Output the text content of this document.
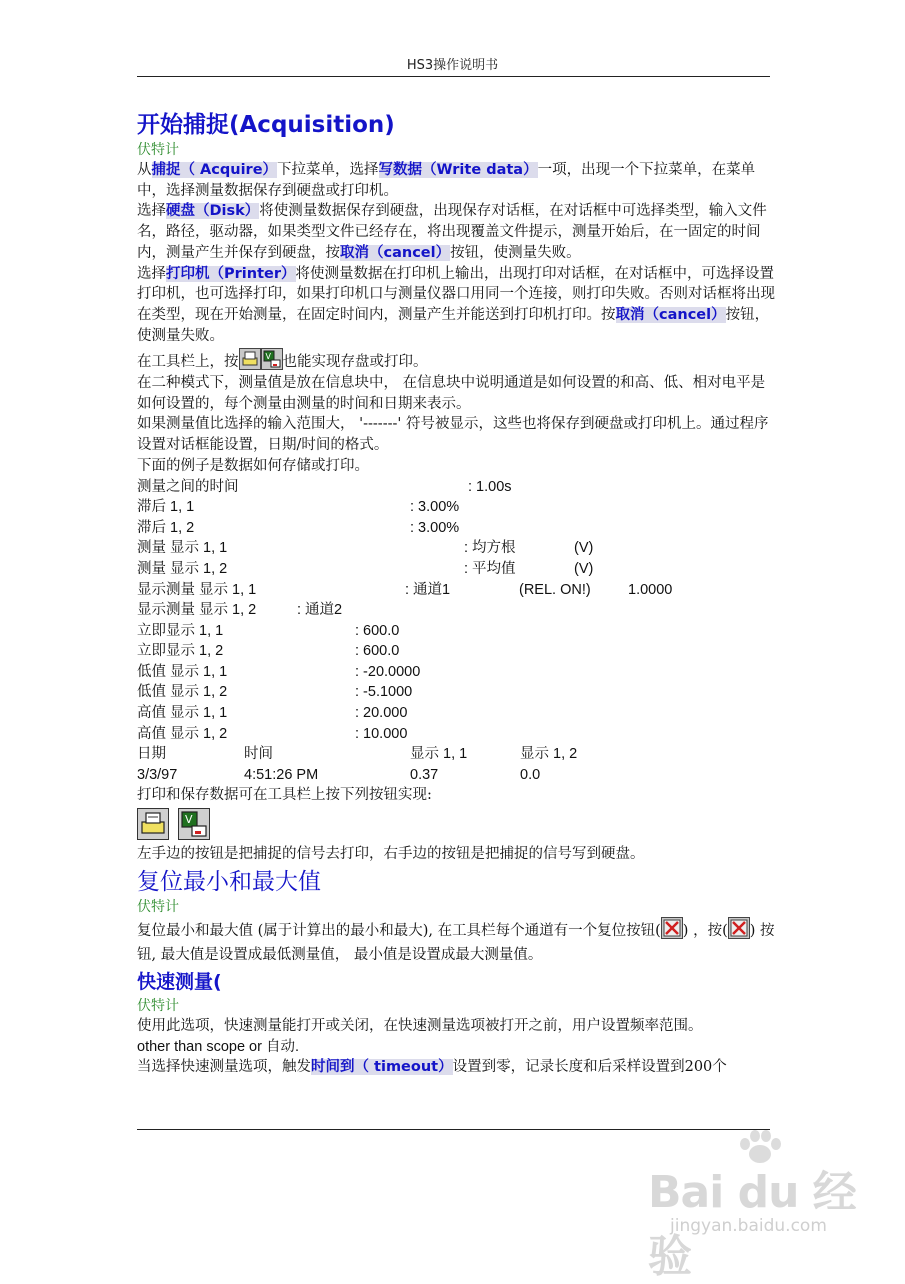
HS3操作说明书
开始捕捉(Acquisition)
伏特计

从捕捉（ Acquire）下拉菜单，选择写数据（Write data）一项，出现一个下拉菜单，在菜单中，选择测量数据保存到硬盘或打印机。

选择硬盘（Disk）将使测量数据保存到硬盘，出现保存对话框，在对话框中可选择类型，输入文件名，路径，驱动器，如果类型文件已经存在，将出现覆盖文件提示，测量开始后，在一固定的时间内，测量产生并保存到硬盘，按取消（cancel）按钮，使测量失败。

选择打印机（Printer）将使测量数据在打印机上输出，出现打印对话框，在对话框中，可选择设置打印机，也可选择打印，如果打印机口与测量仪器口用同一个连接，则打印失败。否则对话框将出现在类型，现在开始测量，在固定时间内，测量产生并能送到打印机打印。按取消（cancel）按钮，使测量失败。

在工具栏上，按	V 也能实现存盘或打印。

在二种模式下，测量值是放在信息块中， 在信息块中说明通道是如何设置的和高、低、相对电平是如何设置的，每个测量由测量的时间和日期来表示。

如果测量值比选择的输入范围大， '-------' 符号被显示，这些也将保存到硬盘或打印机上。通过程序设置对话框能设置，日期/时间的格式。

下面的例子是数据如何存储或打印。

测量之间的时间	: 1.00s
滞后 1, 1	: 3.00%
滞后 1, 2	: 3.00%
测量 显示 1, 1	: 均方根	(V)
测量 显示 1, 2	: 平均值	(V)
显示测量 显示 1, 1	: 通道1	(REL. ON!)	1.0000
显示测量 显示 1, 2	: 通道2
立即显示 1, 1	: 600.0
立即显示 1, 2	: 600.0
低值 显示 1, 1	: -20.0000
低值 显示 1, 2	: -5.1000
高值 显示 1, 1	: 20.000
高值 显示 1, 2	: 10.000
日期	时间	显示 1, 1	显示 1, 2
3/3/97	4:51:26 PM	0.37	0.0

打印和保存数据可在工具栏上按下列按钮实现:

V

左手边的按钮是把捕捉的信号去打印，右手边的按钮是把捕捉的信号写到硬盘。

复位最小和最大值
伏特计

复位最小和最大值 (属于计算出的最小和最大), 在工具栏每个通道有一个复位按钮( ) ，按( ) 按钮, 最大值是设置成最低测量值， 最小值是设置成最大测量值。

快速测量(
伏特计

使用此选项，快速测量能打开或关闭，在快速测量选项被打开之前，用户设置频率范围。

other than scope or 自动.

当选择快速测量选项，触发时间到（ timeout）设置到零，记录长度和后采样设置到200个

Bai du 经验
jingyan.baidu.com
